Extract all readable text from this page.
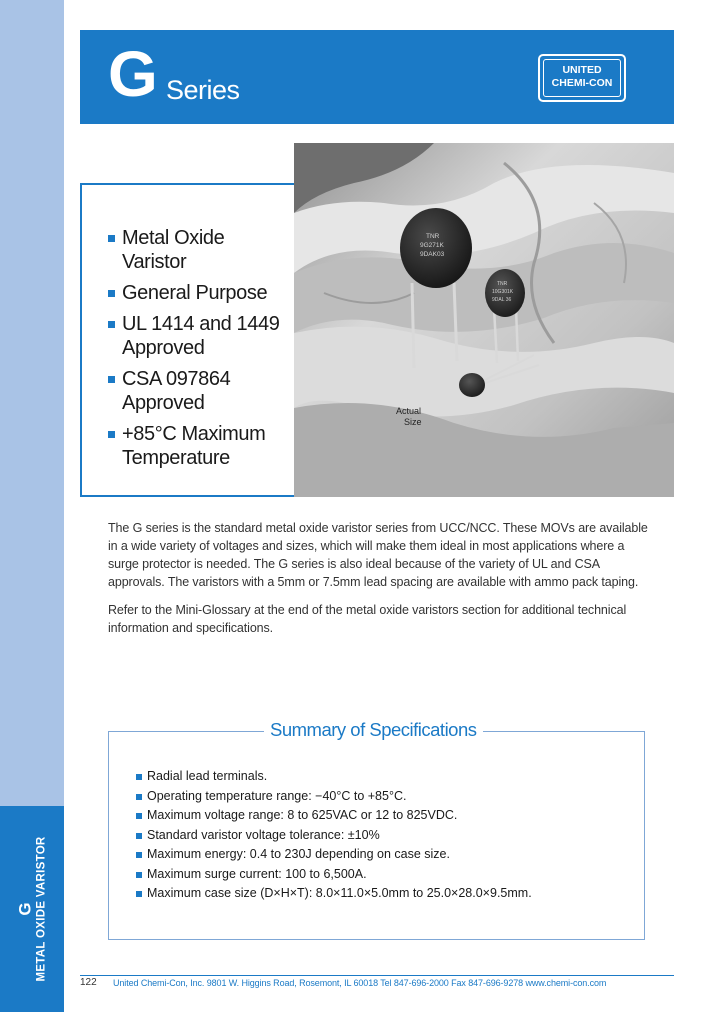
G METAL OXIDE VARISTOR
G Series
UNITED
CHEMI-CON
Metal Oxide
Varistor
General Purpose
UL 1414 and 1449
Approved
CSA 097864
Approved
+85°C Maximum
Temperature
TNR
9G271K
9DAK03
TNR
10G301K
9DAL 36
Actual
Size

The G series is the standard metal oxide varistor series from UCC/NCC. These MOVs are available in a wide variety of voltages and sizes, which will make them ideal in most applications where a surge protector is needed. The G series is also ideal because of the variety of UL and CSA approvals. The varistors with a 5mm or 7.5mm lead spacing are available with ammo pack taping.

Refer to the Mini-Glossary at the end of the metal oxide varistors section for additional technical information and specifications.

Summary of Specifications
Radial lead terminals.
Operating temperature range: −40°C to +85°C.
Maximum voltage range: 8 to 625VAC or 12 to 825VDC.
Standard varistor voltage tolerance: ±10%
Maximum energy: 0.4 to 230J depending on case size.
Maximum surge current: 100 to 6,500A.
Maximum case size (D×H×T): 8.0×11.0×5.0mm to 25.0×28.0×9.5mm.
122 United Chemi-Con, Inc. 9801 W. Higgins Road, Rosemont, IL 60018 Tel 847-696-2000 Fax 847-696-9278 www.chemi-con.com
